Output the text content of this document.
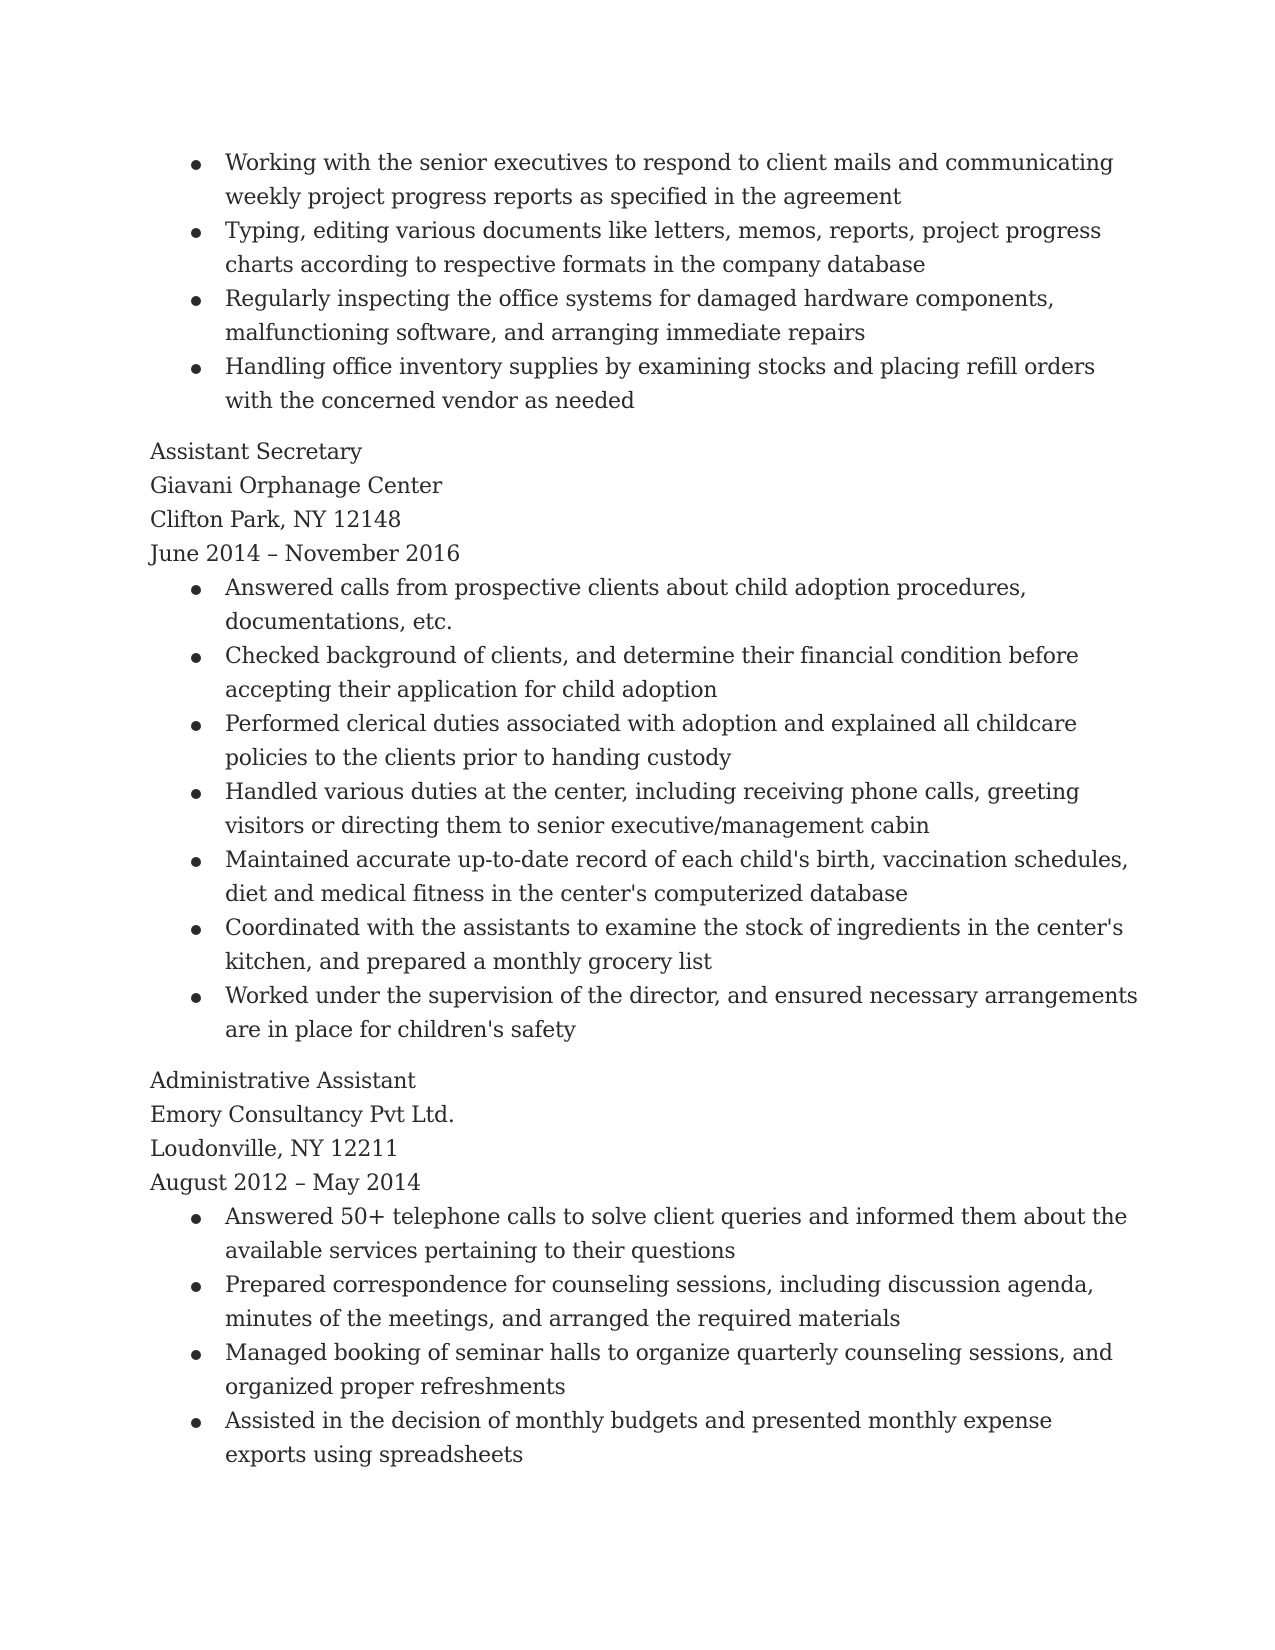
Working with the senior executives to respond to client mails and communicating weekly project progress reports as specified in the agreement
Typing, editing various documents like letters, memos, reports, project progress charts according to respective formats in the company database
Regularly inspecting the office systems for damaged hardware components, malfunctioning software, and arranging immediate repairs
Handling office inventory supplies by examining stocks and placing refill orders with the concerned vendor as needed
Assistant Secretary
Giavani Orphanage Center
Clifton Park, NY 12148
June 2014 – November 2016
Answered calls from prospective clients about child adoption procedures, documentations, etc.
Checked background of clients, and determine their financial condition before accepting their application for child adoption
Performed clerical duties associated with adoption and explained all childcare policies to the clients prior to handing custody
Handled various duties at the center, including receiving phone calls, greeting visitors or directing them to senior executive/management cabin
Maintained accurate up-to-date record of each child's birth, vaccination schedules, diet and medical fitness in the center's computerized database
Coordinated with the assistants to examine the stock of ingredients in the center's kitchen, and prepared a monthly grocery list
Worked under the supervision of the director, and ensured necessary arrangements are in place for children's safety
Administrative Assistant
Emory Consultancy Pvt Ltd.
Loudonville, NY 12211
August 2012 – May 2014
Answered 50+ telephone calls to solve client queries and informed them about the available services pertaining to their questions
Prepared correspondence for counseling sessions, including discussion agenda, minutes of the meetings, and arranged the required materials
Managed booking of seminar halls to organize quarterly counseling sessions, and organized proper refreshments
Assisted in the decision of monthly budgets and presented monthly expense exports using spreadsheets
